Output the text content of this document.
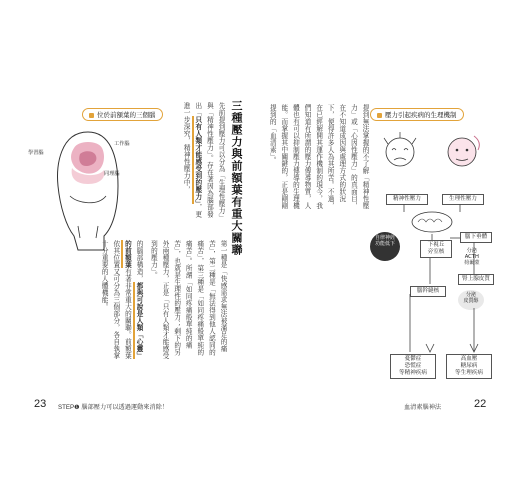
位於前額葉的三個腦
工作腦
學習腦
同理腦	三種壓力與前額葉有重大關聯
先前提到壓力可以分為「生理性壓力」與「精神性壓力」。存在著因為腦部發出「只有人類才能感受到的壓力」，更進一步深究，精神性壓力中，
第一種是「快感需求無法被滿足的痛苦」，第二種是「無法得到他人認同的痛苦」，第三種是「如同疼痛般單純的痛苦」。所謂「如同疼痛般單純的痛苦」，也就是生理性的壓力；剩下的另外兩種壓力，正是「只有人類才能感受到的壓力」。
的腦部構造，都與可說是人類「心靈」的前額葉有著非常重大的關聯。前額葉依其位置又可分為三個部分，各自執掌十分重要的人體機能。
23 STEP❶ 腦部壓力可以透過運動來消除！
提到無法掌握的不了解「精神性壓力」或「心因性壓力」的真面目，在不知道成因與處理方式的狀況下，便得許多人為其所苦。不過，在已經解開其運作機制的現今，我們知道有所謂的壓力傳導物質，人體也有可以抑制壓力傳導的生理機能。而掌握其中關鍵的，正是剛剛提到的「血清素」。	壓力引起疾病的生理機制
精神性壓力	生理性壓力
自律神經
功能低下	下視丘
旁室核
腦下垂體
分泌
ACTH
荷爾蒙
腎上腺皮質
分泌
皮質醇
腦幹縫核
憂鬱症
恐慌症
等精神疾病
高血壓
糖尿病
等生理疾病
血清素腦神法	22
